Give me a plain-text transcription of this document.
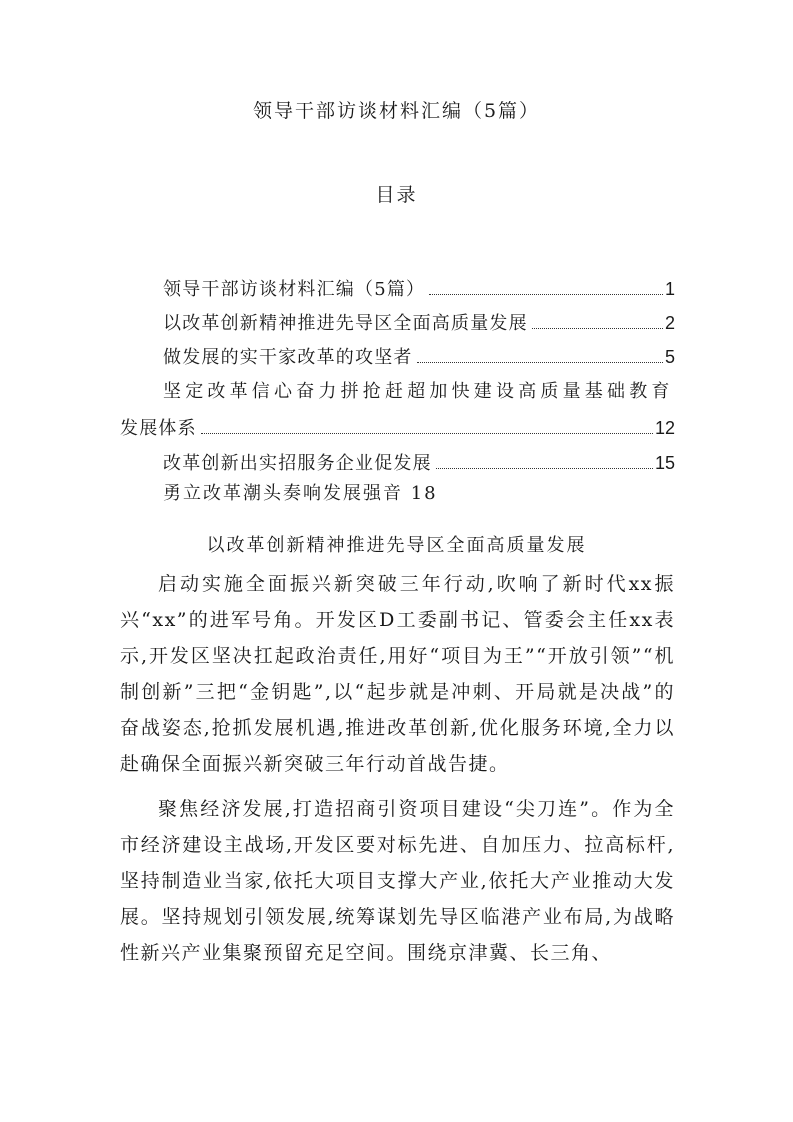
领导干部访谈材料汇编（5篇）
目录
领导干部访谈材料汇编（5篇）	1
以改革创新精神推进先导区全面高质量发展	2
做发展的实干家改革的攻坚者	5
坚定改革信心奋力拼抢赶超加快建设高质量基础教育
发展体系	12
改革创新出实招服务企业促发展	15
勇立改革潮头奏响发展强音 18
以改革创新精神推进先导区全面高质量发展

启动实施全面振兴新突破三年行动,吹响了新时代xx振兴“xx”的进军号角。开发区D工委副书记、管委会主任xx表示,开发区坚决扛起政治责任,用好“项目为王”“开放引领”“机制创新”三把“金钥匙”,以“起步就是冲刺、开局就是决战”的奋战姿态,抢抓发展机遇,推进改革创新,优化服务环境,全力以赴确保全面振兴新突破三年行动首战告捷。

聚焦经济发展,打造招商引资项目建设“尖刀连”。作为全市经济建设主战场,开发区要对标先进、自加压力、拉高标杆,坚持制造业当家,依托大项目支撑大产业,依托大产业推动大发展。坚持规划引领发展,统筹谋划先导区临港产业布局,为战略性新兴产业集聚预留充足空间。围绕京津冀、长三角、
